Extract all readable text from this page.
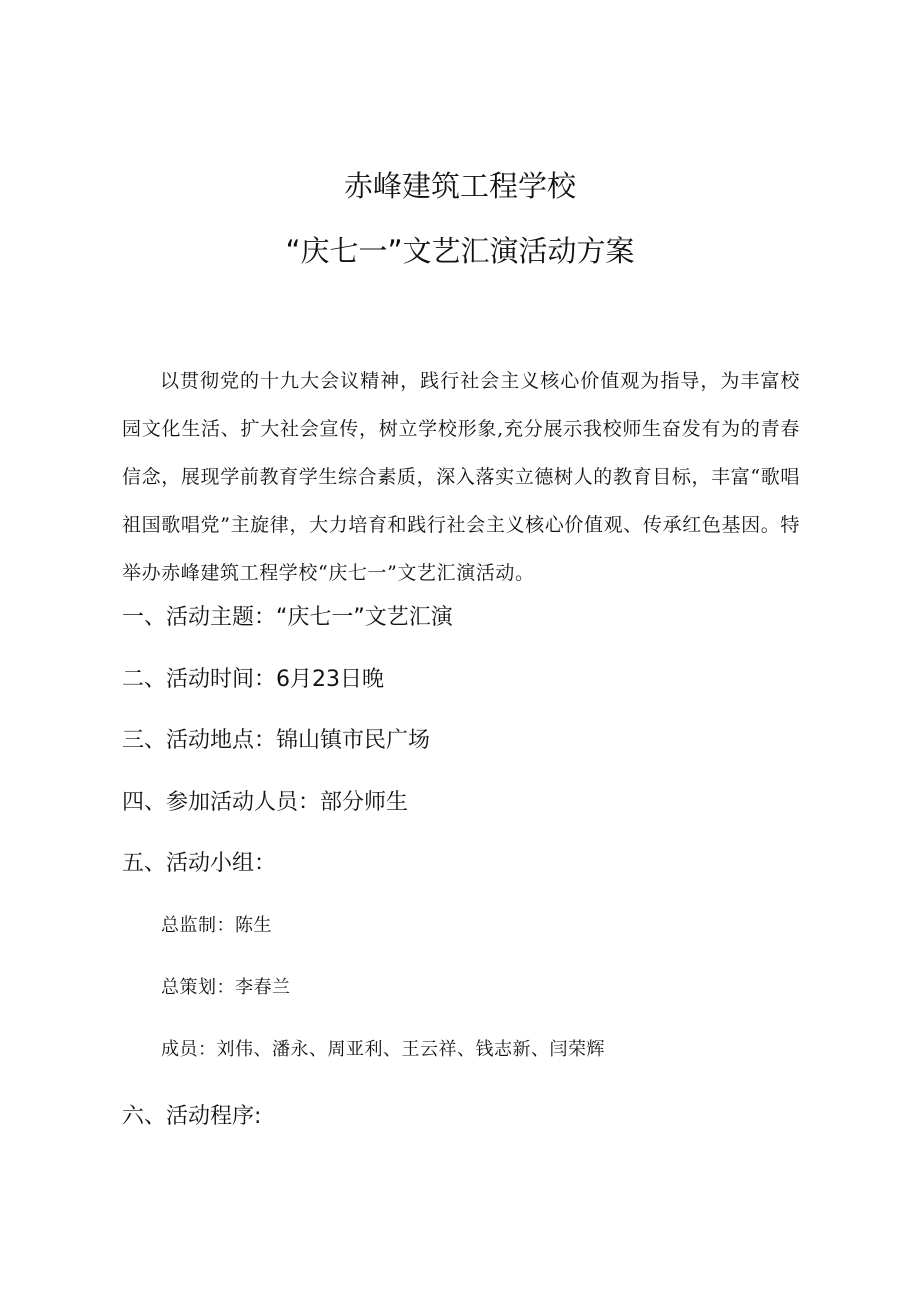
赤峰建筑工程学校
“庆七一”文艺汇演活动方案

以贯彻党的十九大会议精神，践行社会主义核心价值观为指导，为丰富校园文化生活、扩大社会宣传，树立学校形象,充分展示我校师生奋发有为的青春信念，展现学前教育学生综合素质，深入落实立德树人的教育目标，丰富“歌唱祖国歌唱党”主旋律，大力培育和践行社会主义核心价值观、传承红色基因。特举办赤峰建筑工程学校“庆七一”文艺汇演活动。

一、活动主题：“庆七一”文艺汇演
二、活动时间：6月23日晚
三、活动地点：锦山镇市民广场
四、参加活动人员：部分师生
五、活动小组：
总监制：陈生
总策划：李春兰
成员：刘伟、潘永、周亚利、王云祥、钱志新、闫荣辉
六、活动程序:
